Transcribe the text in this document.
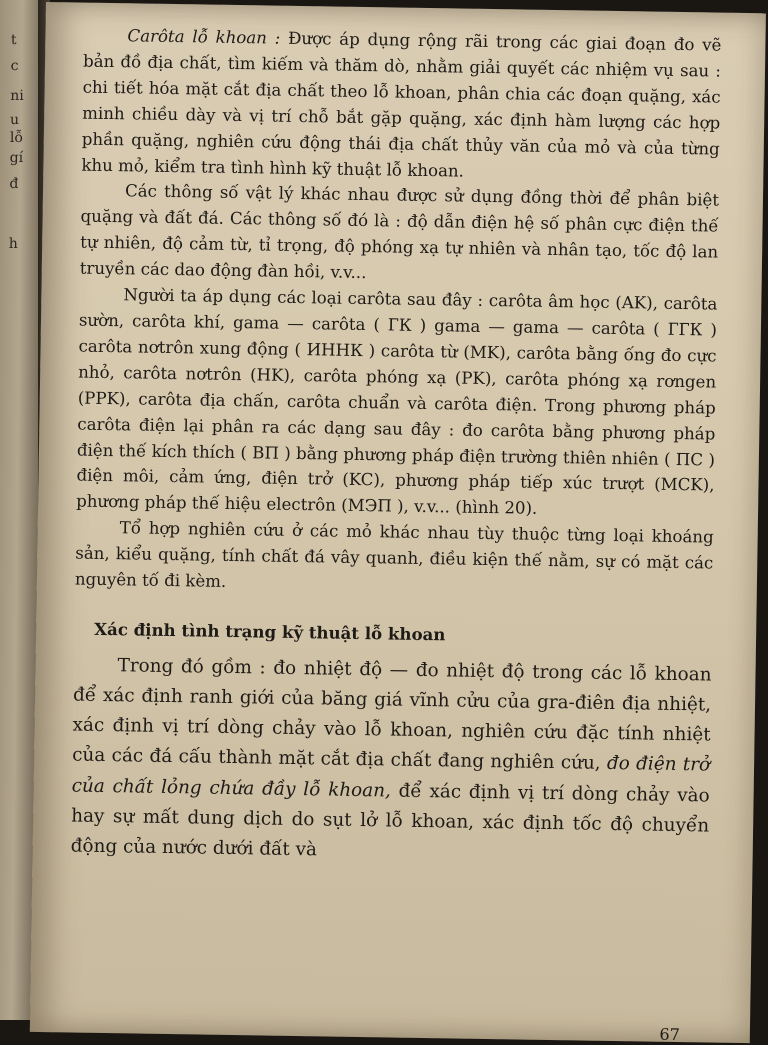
t
c
ni
u
lỗ
gí
đ
h

Carôta lỗ khoan : Được áp dụng rộng rãi trong các giai đoạn đo vẽ bản đồ địa chất, tìm kiếm và thăm dò, nhằm giải quyết các nhiệm vụ sau : chi tiết hóa mặt cắt địa chất theo lỗ khoan, phân chia các đoạn quặng, xác minh chiều dày và vị trí chỗ bắt gặp quặng, xác định hàm lượng các hợp phần quặng, nghiên cứu động thái địa chất thủy văn của mỏ và của từng khu mỏ, kiểm tra tình hình kỹ thuật lỗ khoan.

Các thông số vật lý khác nhau được sử dụng đồng thời để phân biệt quặng và đất đá. Các thông số đó là : độ dẫn điện hệ số phân cực điện thế tự nhiên, độ cảm từ, tỉ trọng, độ phóng xạ tự nhiên và nhân tạo, tốc độ lan truyền các dao động đàn hồi, v.v...

Người ta áp dụng các loại carôta sau đây : carôta âm học (AK), carôta sườn, carôta khí, gama — carôta ( ГК ) gama — gama — carôta ( ГГК ) carôta nơtrôn xung động ( ИННК ) carôta từ (MK), carôta bằng ống đo cực nhỏ, carôta nơtrôn (HK), carôta phóng xạ (PK), carôta phóng xạ rơngen (PPK), carôta địa chấn, carôta chuẩn và carôta điện. Trong phương pháp carôta điện lại phân ra các dạng sau đây : đo carôta bằng phương pháp điện thế kích thích ( ВП ) bằng phương pháp điện trường thiên nhiên ( ПС ) điện môi, cảm ứng, điện trở (KC), phương pháp tiếp xúc trượt (MCK), phương pháp thế hiệu electrôn (МЭП ), v.v... (hình 20).

Tổ hợp nghiên cứu ở các mỏ khác nhau tùy thuộc từng loại khoáng sản, kiểu quặng, tính chất đá vây quanh, điều kiện thế nằm, sự có mặt các nguyên tố đi kèm.

Xác định tình trạng kỹ thuật lỗ khoan

Trong đó gồm : đo nhiệt độ — đo nhiệt độ trong các lỗ khoan để xác định ranh giới của băng giá vĩnh cửu của gra-điên địa nhiệt, xác định vị trí dòng chảy vào lỗ khoan, nghiên cứu đặc tính nhiệt của các đá cấu thành mặt cắt địa chất đang nghiên cứu, đo điện trở của chất lỏng chứa đầy lỗ khoan, để xác định vị trí dòng chảy vào hay sự mất dung dịch do sụt lở lỗ khoan, xác định tốc độ chuyển động của nước dưới đất và

67
